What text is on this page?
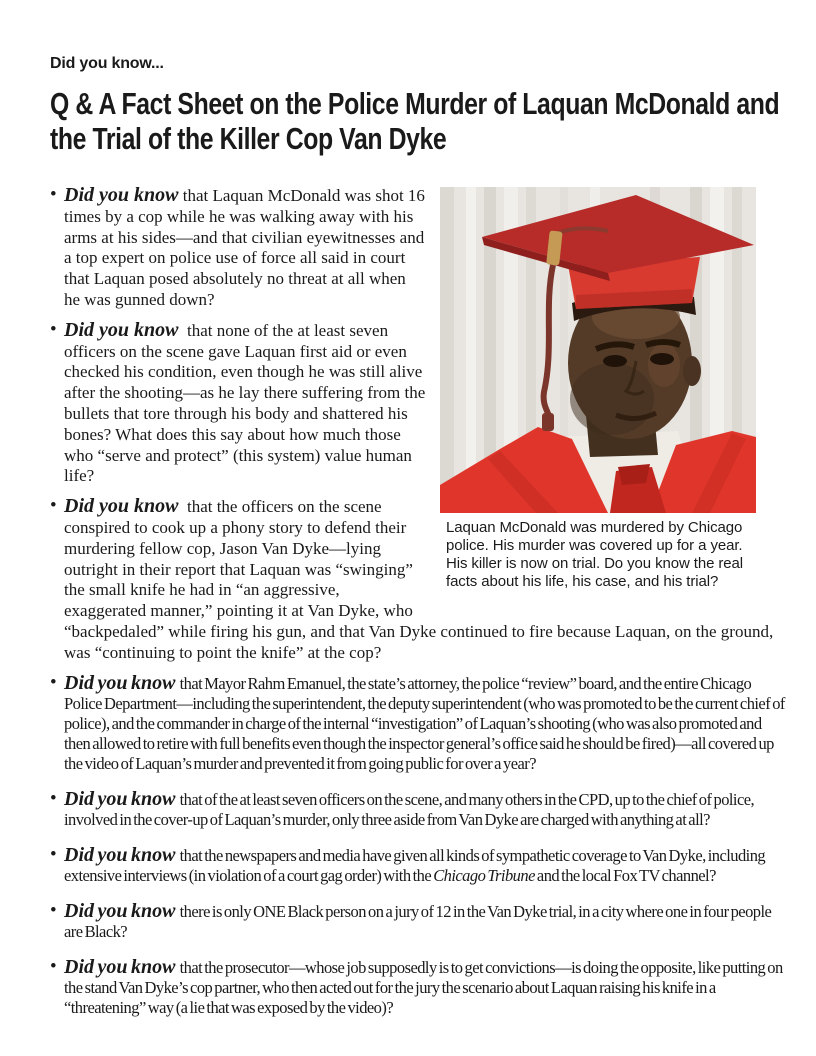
Did you know...
Q & A Fact Sheet on the Police Murder of Laquan McDonald and
the Trial of the Killer Cop Van Dyke
Laquan McDonald was murdered by Chicago police. His murder was covered up for a year. His killer is now on trial. Do you know the real facts about his life, his case, and his trial?
• Did you know that Laquan McDonald was shot 16 times by a cop while he was walking away with his arms at his sides—and that civilian eyewitnesses and a top expert on police use of force all said in court that Laquan posed absolutely no threat at all when he was gunned down?
• Did you know that none of the at least seven officers on the scene gave Laquan first aid or even checked his condition, even though he was still alive after the shooting—as he lay there suffering from the bullets that tore through his body and shattered his bones? What does this say about how much those who “serve and protect” (this system) value human life?
• Did you know that the officers on the scene conspired to cook up a phony story to defend their murdering fellow cop, Jason Van Dyke—lying outright in their report that Laquan was “swinging” the small knife he had in “an aggressive, exaggerated manner,” pointing it at Van Dyke, who “backpedaled” while firing his gun, and that Van Dyke continued to fire because Laquan, on the ground, was “continuing to point the knife” at the cop?
• Did you know that Mayor Rahm Emanuel, the state’s attorney, the police “review” board, and the entire Chicago Police Department—including the superintendent, the deputy superintendent (who was promoted to be the current chief of police), and the commander in charge of the internal “investigation” of Laquan’s shooting (who was also promoted and then allowed to retire with full benefits even though the inspector general’s office said he should be fired)—all covered up the video of Laquan’s murder and prevented it from going public for over a year?
• Did you know that of the at least seven officers on the scene, and many others in the CPD, up to the chief of police, involved in the cover-up of Laquan’s murder, only three aside from Van Dyke are charged with anything at all?
• Did you know that the newspapers and media have given all kinds of sympathetic coverage to Van Dyke, including extensive interviews (in violation of a court gag order) with the Chicago Tribune and the local Fox TV channel?
• Did you know there is only ONE Black person on a jury of 12 in the Van Dyke trial, in a city where one in four people are Black?
• Did you know that the prosecutor—whose job supposedly is to get convictions—is doing the opposite, like putting on the stand Van Dyke’s cop partner, who then acted out for the jury the scenario about Laquan raising his knife in a “threatening” way (a lie that was exposed by the video)?
